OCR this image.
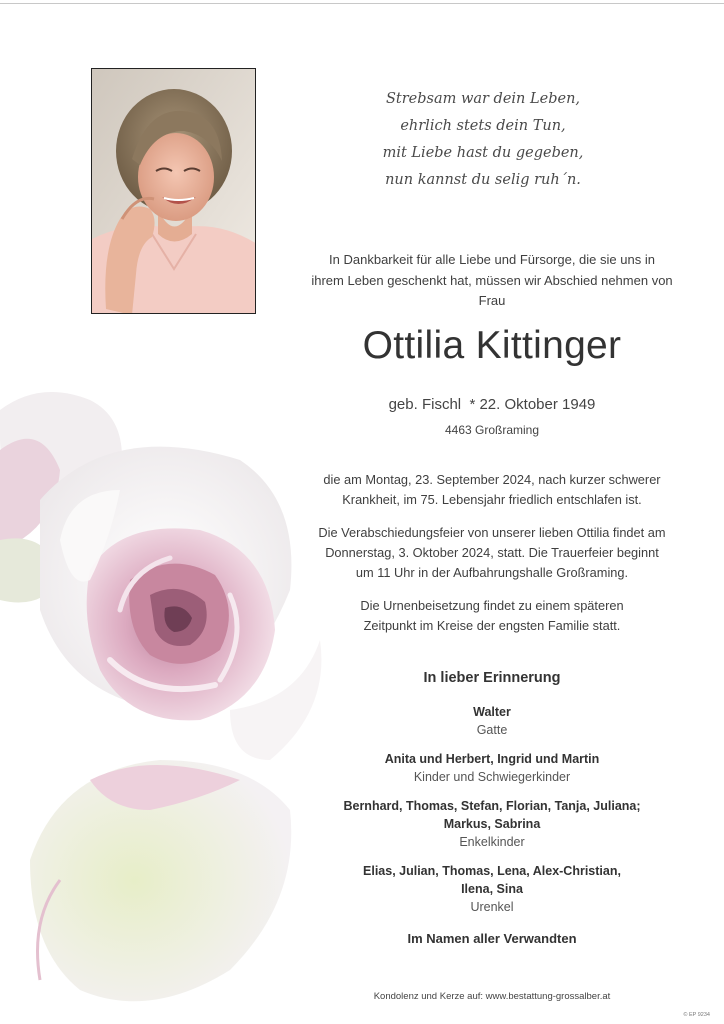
Strebsam war dein Leben,
ehrlich stets dein Tun,
mit Liebe hast du gegeben,
nun kannst du selig ruh´n.
In Dankbarkeit für alle Liebe und Fürsorge, die sie uns in
ihrem Leben geschenkt hat, müssen wir Abschied nehmen von
Frau
Ottilia Kittinger
geb. Fischl  * 22. Oktober 1949
4463 Großraming
die am Montag, 23. September 2024, nach kurzer schwerer
Krankheit, im 75. Lebensjahr friedlich entschlafen ist.
Die Verabschiedungsfeier von unserer lieben Ottilia findet am
Donnerstag, 3. Oktober 2024, statt. Die Trauerfeier beginnt
um 11 Uhr in der Aufbahrungshalle Großraming.
Die Urnenbeisetzung findet zu einem späteren
Zeitpunkt im Kreise der engsten Familie statt.
In lieber Erinnerung
Walter
Gatte
Anita und Herbert, Ingrid und Martin
Kinder und Schwiegerkinder
Bernhard, Thomas, Stefan, Florian, Tanja, Juliana;
Markus, Sabrina
Enkelkinder
Elias, Julian, Thomas, Lena, Alex-Christian,
Ilena, Sina
Urenkel
Im Namen aller Verwandten
Kondolenz und Kerze auf: www.bestattung-grossalber.at
© EP 9234
